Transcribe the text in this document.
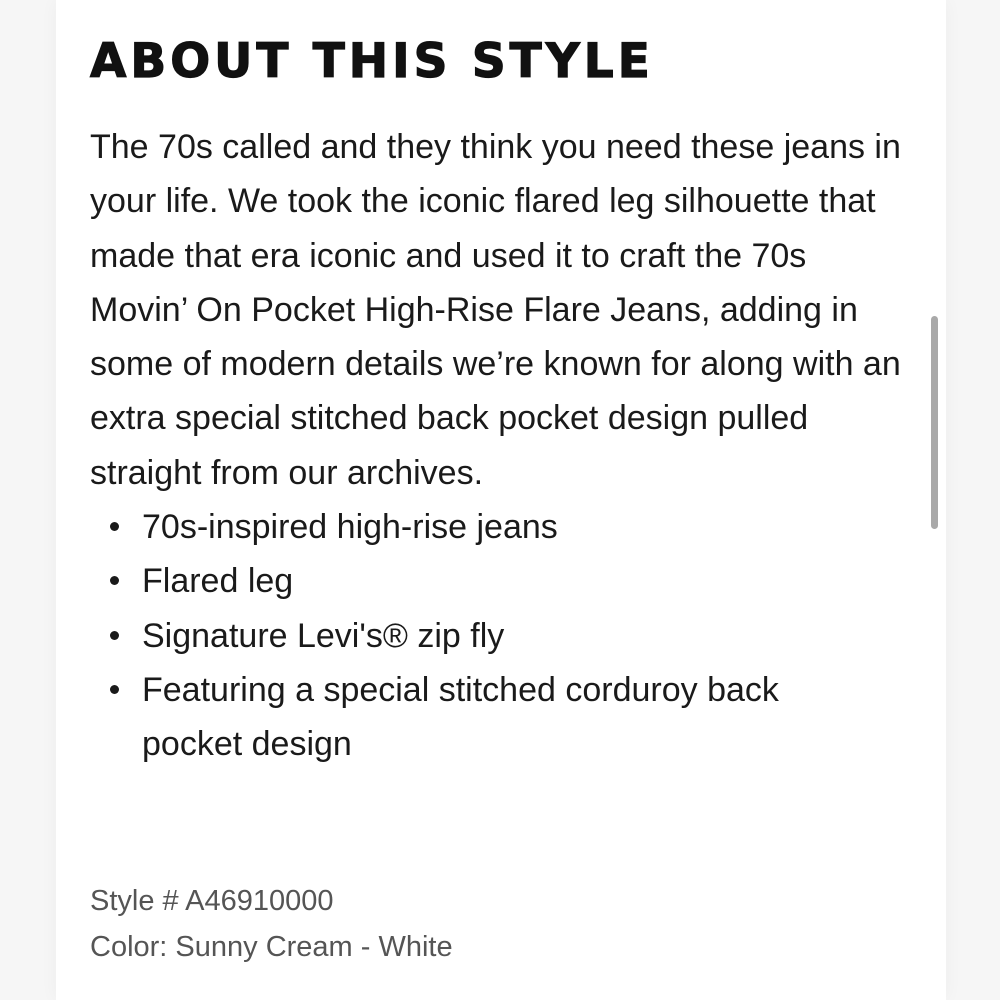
ABOUT THIS STYLE

The 70s called and they think you need these jeans in your life. We took the iconic flared leg silhouette that made that era iconic and used it to craft the 70s Movin’ On Pocket High-Rise Flare Jeans, adding in some of modern details we’re known for along with an extra special stitched back pocket design pulled straight from our archives.

70s-inspired high-rise jeans
Flared leg
Signature Levi's® zip fly
Featuring a special stitched corduroy back pocket design
Style # A46910000
Color: Sunny Cream - White
